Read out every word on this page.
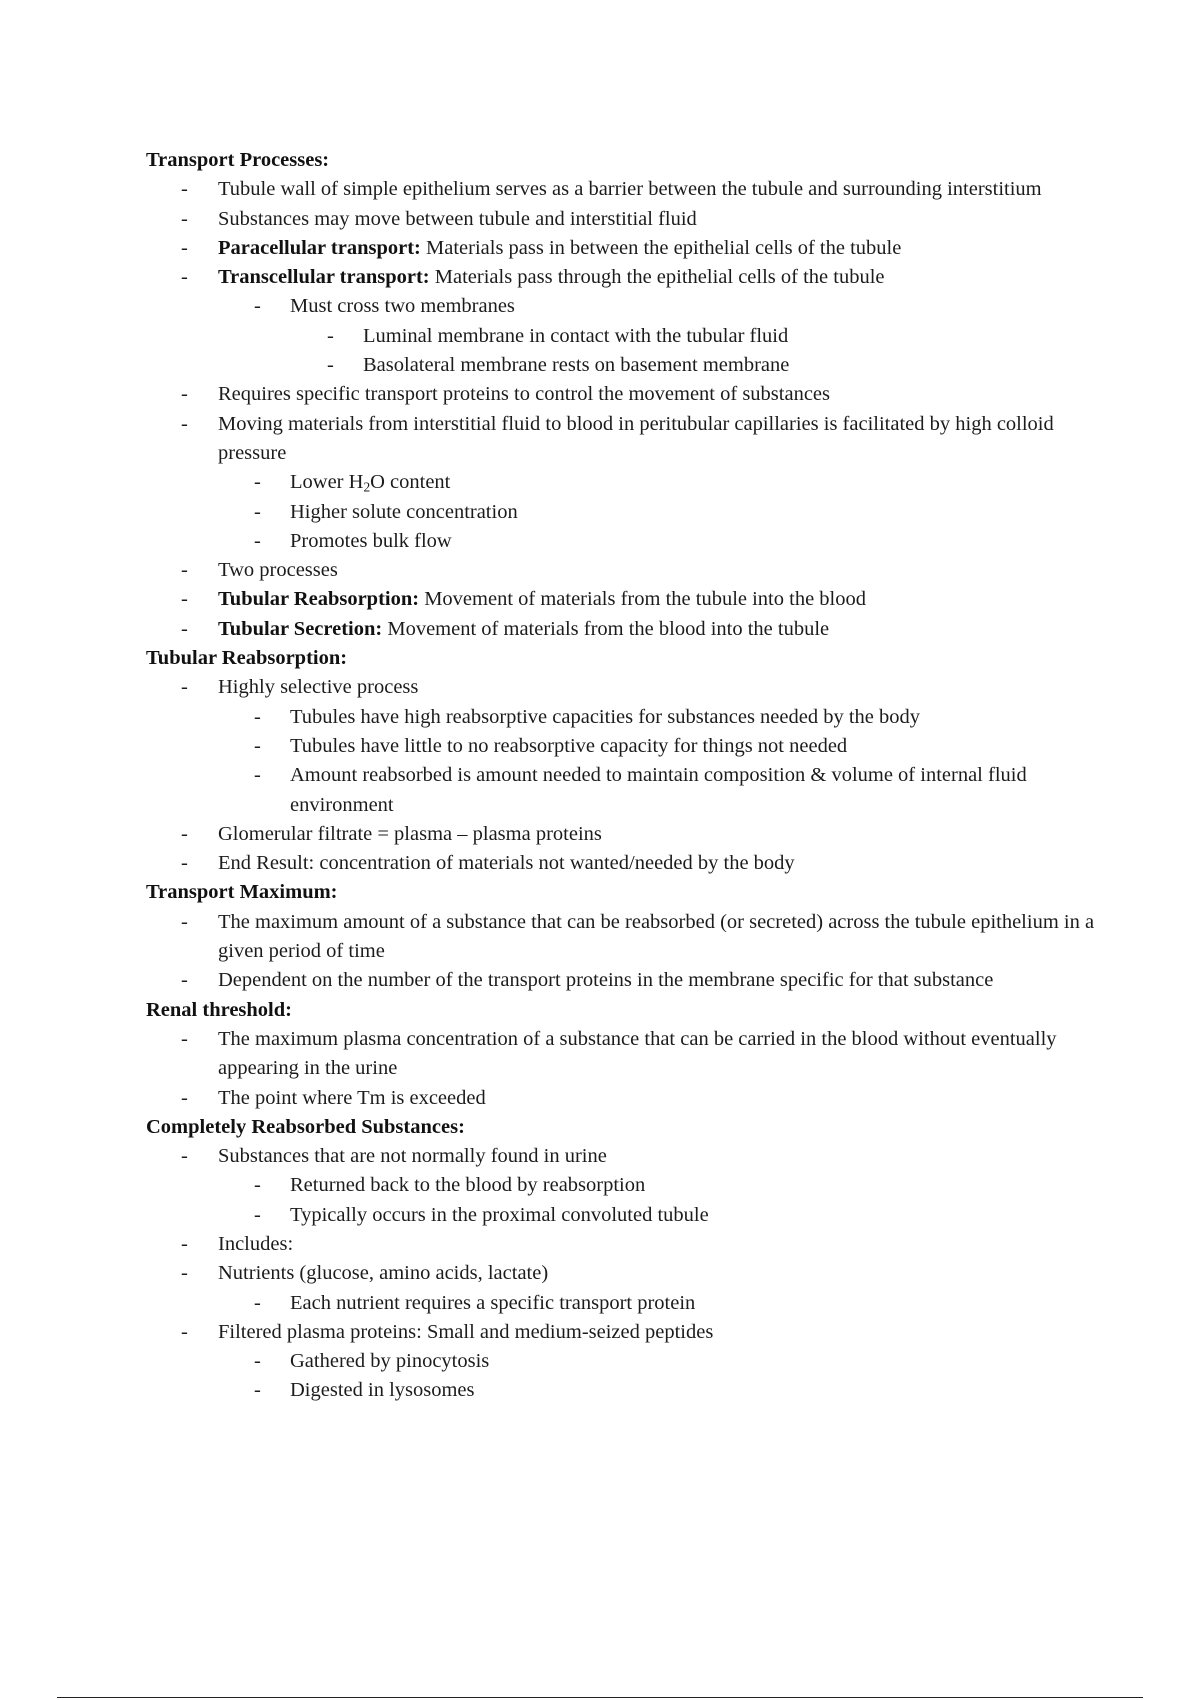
Transport Processes:

- Tubule wall of simple epithelium serves as a barrier between the tubule and surrounding interstitium

- Substances may move between tubule and interstitial fluid

- Paracellular transport: Materials pass in between the epithelial cells of the tubule

- Transcellular transport: Materials pass through the epithelial cells of the tubule

- Must cross two membranes

- Luminal membrane in contact with the tubular fluid

- Basolateral membrane rests on basement membrane

- Requires specific transport proteins to control the movement of substances

- Moving materials from interstitial fluid to blood in peritubular capillaries is facilitated by high colloid pressure

- Lower $H_2O$ content

- Higher solute concentration

- Promotes bulk flow

- Two processes

- Tubular Reabsorption: Movement of materials from the tubule into the blood

- Tubular Secretion: Movement of materials from the blood into the tubule

Tubular Reabsorption:

- Highly selective process

- Tubules have high reabsorptive capacities for substances needed by the body

- Tubules have little to no reabsorptive capacity for things not needed

- Amount reabsorbed is amount needed to maintain composition & volume of internal fluid environment

- Glomerular filtrate = plasma – plasma proteins

- End Result: concentration of materials not wanted/needed by the body

Transport Maximum:

- The maximum amount of a substance that can be reabsorbed (or secreted) across the tubule epithelium in a given period of time

- Dependent on the number of the transport proteins in the membrane specific for that substance

Renal threshold:

- The maximum plasma concentration of a substance that can be carried in the blood without eventually appearing in the urine

- The point where Tm is exceeded

Completely Reabsorbed Substances:

- Substances that are not normally found in urine

- Returned back to the blood by reabsorption

- Typically occurs in the proximal convoluted tubule

- Includes:

- Nutrients (glucose, amino acids, lactate)

- Each nutrient requires a specific transport protein

- Filtered plasma proteins: Small and medium-seized peptides

- Gathered by pinocytosis

- Digested in lysosomes
